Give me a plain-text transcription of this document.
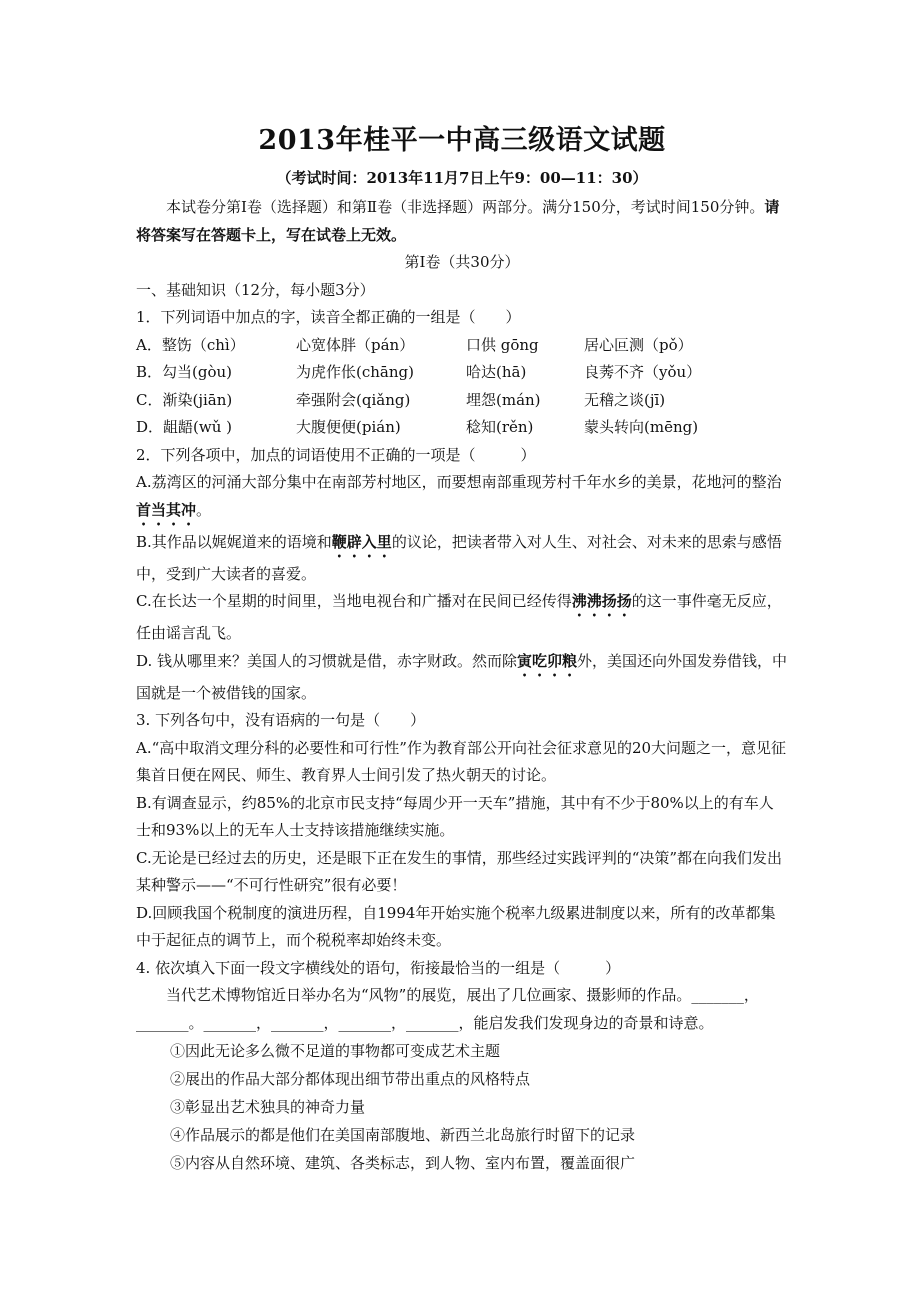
2013年桂平一中高三级语文试题
（考试时间：2013年11月7日上午9：00—11：30）
本试卷分第Ⅰ卷（选择题）和第Ⅱ卷（非选择题）两部分。满分150分，考试时间150分钟。请将答案写在答题卡上，写在试卷上无效。
第Ⅰ卷（共30分）
一、基础知识（12分，每小题3分）
1．下列词语中加点的字，读音全都正确的一组是（　　）
A．整饬（chì）	心宽体胖（pán）	口供 gōng	居心叵测（pǒ）
B．勾当(gòu)	为虎作伥(chāng)	哈达(hā)	良莠不齐（yǒu）
C．渐染(jiān)	牵强附会(qiǎng)	埋怨(mán)	无稽之谈(jī)
D．龃龉(wǔ )	大腹便便(pián)	稔知(rěn)	蒙头转向(mēng)
2．下列各项中，加点的词语使用不正确的一项是（　　　）
A.荔湾区的河涌大部分集中在南部芳村地区，而要想南部重现芳村千年水乡的美景，花地河的整治首当其冲。
B.其作品以娓娓道来的语境和鞭辟入里的议论，把读者带入对人生、对社会、对未来的思索与感悟中，受到广大读者的喜爱。
C.在长达一个星期的时间里，当地电视台和广播对在民间已经传得沸沸扬扬的这一事件毫无反应，任由谣言乱飞。
D. 钱从哪里来？美国人的习惯就是借，赤字财政。然而除寅吃卯粮外，美国还向外国发券借钱，中国就是一个被借钱的国家。
3. 下列各句中，没有语病的一句是（　　）
A.“高中取消文理分科的必要性和可行性”作为教育部公开向社会征求意见的20大问题之一，意见征集首日便在网民、师生、教育界人士间引发了热火朝天的讨论。
B.有调查显示，约85%的北京市民支持“每周少开一天车”措施，其中有不少于80%以上的有车人士和93%以上的无车人士支持该措施继续实施。
C.无论是已经过去的历史，还是眼下正在发生的事情，那些经过实践评判的“决策”都在向我们发出某种警示——“不可行性研究”很有必要！
D.回顾我国个税制度的演进历程，自1994年开始实施个税率九级累进制度以来，所有的改革都集中于起征点的调节上，而个税税率却始终未变。
4. 依次填入下面一段文字横线处的语句，衔接最恰当的一组是（　　　）
当代艺术博物馆近日举办名为“风物”的展览，展出了几位画家、摄影师的作品。_______，_______。_______，_______，_______，_______，能启发我们发现身边的奇景和诗意。
①因此无论多么微不足道的事物都可变成艺术主题
②展出的作品大部分都体现出细节带出重点的风格特点
③彰显出艺术独具的神奇力量
④作品展示的都是他们在美国南部腹地、新西兰北岛旅行时留下的记录
⑤内容从自然环境、建筑、各类标志，到人物、室内布置，覆盖面很广
